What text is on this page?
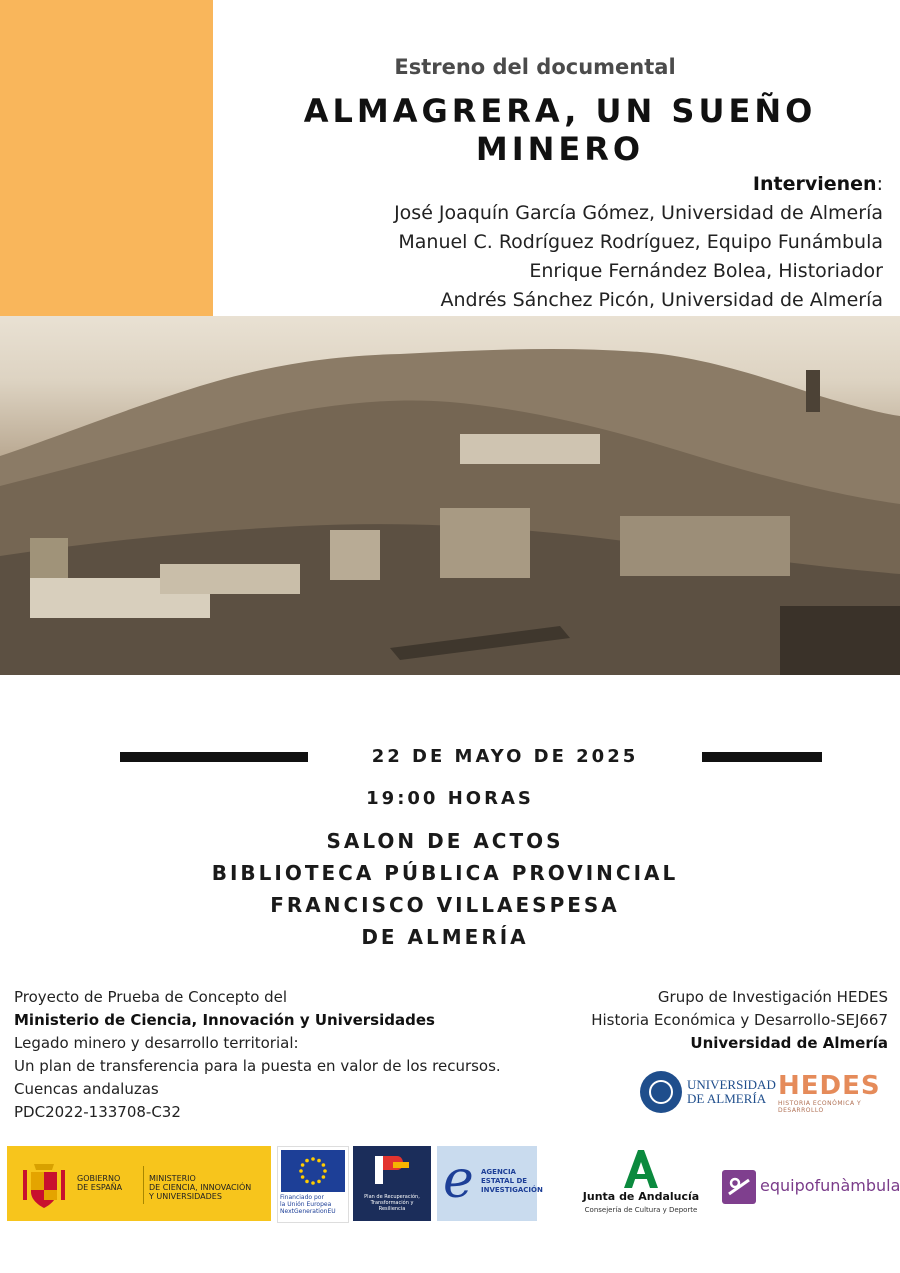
Estreno del documental
ALMAGRERA, UN SUEÑO MINERO
Intervienen:
José Joaquín García Gómez, Universidad de Almería
Manuel C. Rodríguez Rodríguez, Equipo Funámbula
Enrique Fernández Bolea, Historiador
Andrés Sánchez Picón, Universidad de Almería
22 DE MAYO DE 2025
19:00 HORAS
SALON DE ACTOS
BIBLIOTECA PÚBLICA PROVINCIAL
FRANCISCO VILLAESPESA
DE ALMERÍA
Proyecto de Prueba de Concepto del
Ministerio de Ciencia, Innovación y Universidades
Legado minero y desarrollo territorial:
Un plan de transferencia para la puesta en valor de los recursos.
Cuencas andaluzas
PDC2022-133708-C32
Grupo de Investigación HEDES
Historia Económica y Desarrollo-SEJ667
Universidad de Almería
UNIVERSIDAD
DE ALMERÍA HEDES
HISTORIA ECONÓMICA Y DESARROLLO
GOBIERNO
DE ESPAÑA
MINISTERIO
DE CIENCIA, INNOVACIÓN
Y UNIVERSIDADES	Financiado por
la Unión Europea
NextGenerationEU
Plan de Recuperación, Transformación y Resiliencia e AGENCIA
ESTATAL DE
INVESTIGACIÓN	Junta de Andalucía
Consejería de Cultura y Deporte
equipofunàmbula
